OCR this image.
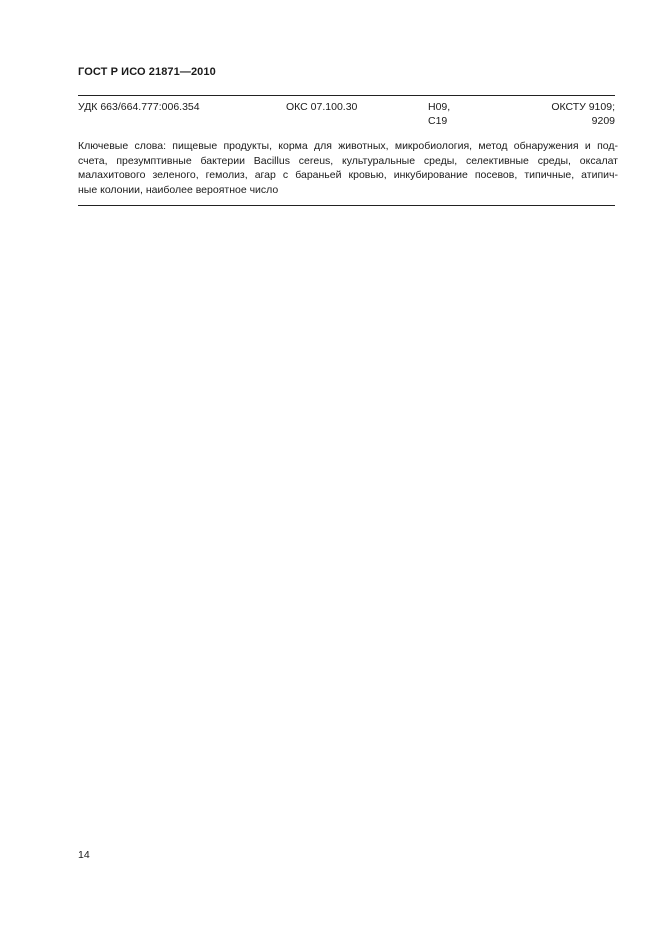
ГОСТ Р ИСО 21871—2010
УДК 663/664.777:006.354	ОКС 07.100.30	Н09,
С19
ОКСТУ 9109;
9209
Ключевые слова: пищевые продукты, корма для животных, микробиология, метод обнаружения и под-
счета, презумптивные бактерии Bacillus cereus, культуральные среды, селективные среды, оксалат
малахитового зеленого, гемолиз, агар с бараньей кровью, инкубирование посевов, типичные, атипич-
ные колонии, наиболее вероятное число
14
